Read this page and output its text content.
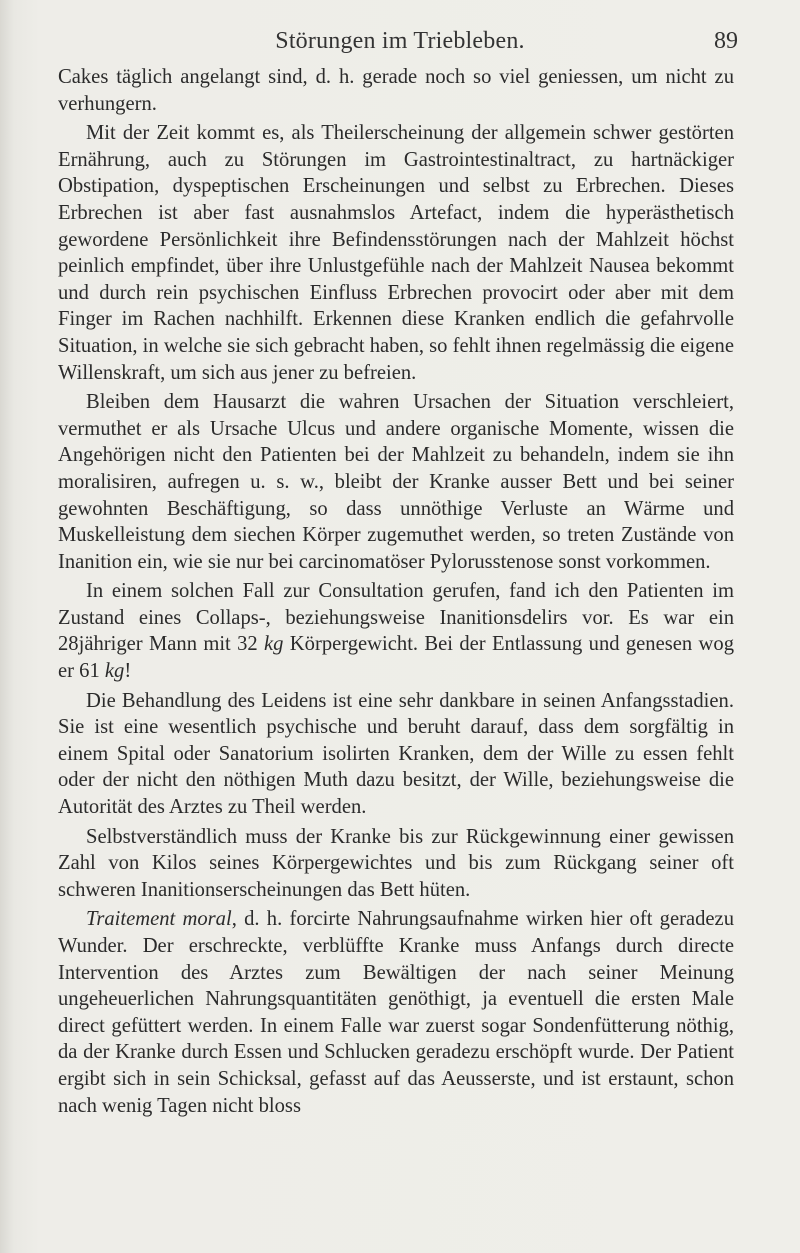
Störungen im Triebleben.	89

Cakes täglich angelangt sind, d. h. gerade noch so viel geniessen, um nicht zu verhungern.

Mit der Zeit kommt es, als Theilerscheinung der allgemein schwer gestörten Ernährung, auch zu Störungen im Gastrointestinaltract, zu hartnäckiger Obstipation, dyspeptischen Erscheinungen und selbst zu Erbrechen. Dieses Erbrechen ist aber fast ausnahmslos Artefact, indem die hyperästhetisch gewordene Persönlichkeit ihre Befindensstörungen nach der Mahlzeit höchst peinlich empfindet, über ihre Unlustgefühle nach der Mahlzeit Nausea bekommt und durch rein psychischen Einfluss Erbrechen provocirt oder aber mit dem Finger im Rachen nachhilft. Erkennen diese Kranken endlich die gefahrvolle Situation, in welche sie sich gebracht haben, so fehlt ihnen regelmässig die eigene Willenskraft, um sich aus jener zu befreien.

Bleiben dem Hausarzt die wahren Ursachen der Situation verschleiert, vermuthet er als Ursache Ulcus und andere organische Momente, wissen die Angehörigen nicht den Patienten bei der Mahlzeit zu behandeln, indem sie ihn moralisiren, aufregen u. s. w., bleibt der Kranke ausser Bett und bei seiner gewohnten Beschäftigung, so dass unnöthige Verluste an Wärme und Muskelleistung dem siechen Körper zugemuthet werden, so treten Zustände von Inanition ein, wie sie nur bei carcinomatöser Pylorusstenose sonst vorkommen.

In einem solchen Fall zur Consultation gerufen, fand ich den Patienten im Zustand eines Collaps-, beziehungsweise Inanitionsdelirs vor. Es war ein 28jähriger Mann mit 32 kg Körpergewicht. Bei der Entlassung und genesen wog er 61 kg!

Die Behandlung des Leidens ist eine sehr dankbare in seinen Anfangsstadien. Sie ist eine wesentlich psychische und beruht darauf, dass dem sorgfältig in einem Spital oder Sanatorium isolirten Kranken, dem der Wille zu essen fehlt oder der nicht den nöthigen Muth dazu besitzt, der Wille, beziehungsweise die Autorität des Arztes zu Theil werden.

Selbstverständlich muss der Kranke bis zur Rückgewinnung einer gewissen Zahl von Kilos seines Körpergewichtes und bis zum Rückgang seiner oft schweren Inanitionserscheinungen das Bett hüten.

Traitement moral, d. h. forcirte Nahrungsaufnahme wirken hier oft geradezu Wunder. Der erschreckte, verblüffte Kranke muss Anfangs durch directe Intervention des Arztes zum Bewältigen der nach seiner Meinung ungeheuerlichen Nahrungsquantitäten genöthigt, ja eventuell die ersten Male direct gefüttert werden. In einem Falle war zuerst sogar Sondenfütterung nöthig, da der Kranke durch Essen und Schlucken geradezu erschöpft wurde. Der Patient ergibt sich in sein Schicksal, gefasst auf das Aeusserste, und ist erstaunt, schon nach wenig Tagen nicht bloss
